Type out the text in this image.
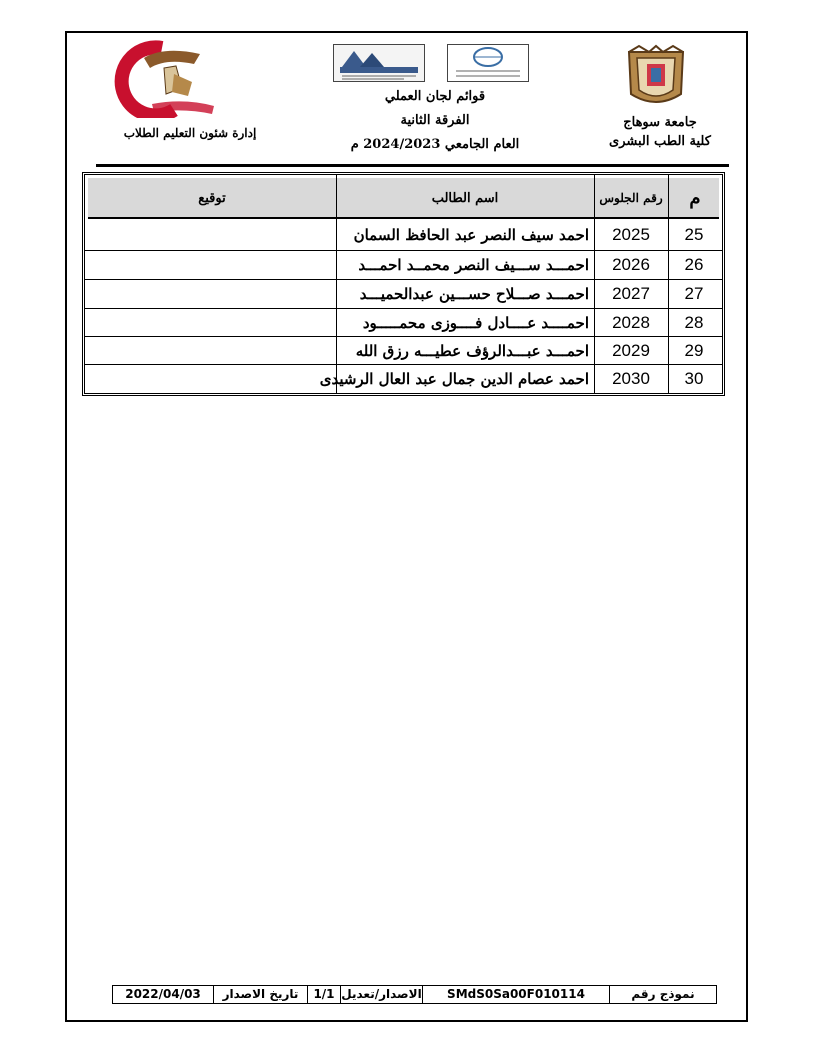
جامعة سوهاج
كلية الطب البشرى
إدارة شئون التعليم الطلاب
قوائم لجان العملي
الفرقة الثانية
العام الجامعي 2024/2023 م
م
رقم الجلوس
اسم الطالب
توقيع
25
2025
احمد سيف النصر عبد الحافظ السمان
26
2026
احمـــد ســـيف النصر محمــد احمـــد
27
2027
احمـــد صـــلاح حســـين عبدالحميـــد
28
2028
احمــــد عــــادل فــــوزى محمـــــود
29
2029
احمـــد عبـــدالرؤف عطيـــه رزق الله
30
2030
احمد عصام الدين جمال عبد العال الرشيدى
نموذج رقم
SMdS0Sa00F010114
الاصدار/تعديل
1/1
تاريخ الاصدار
2022/04/03
